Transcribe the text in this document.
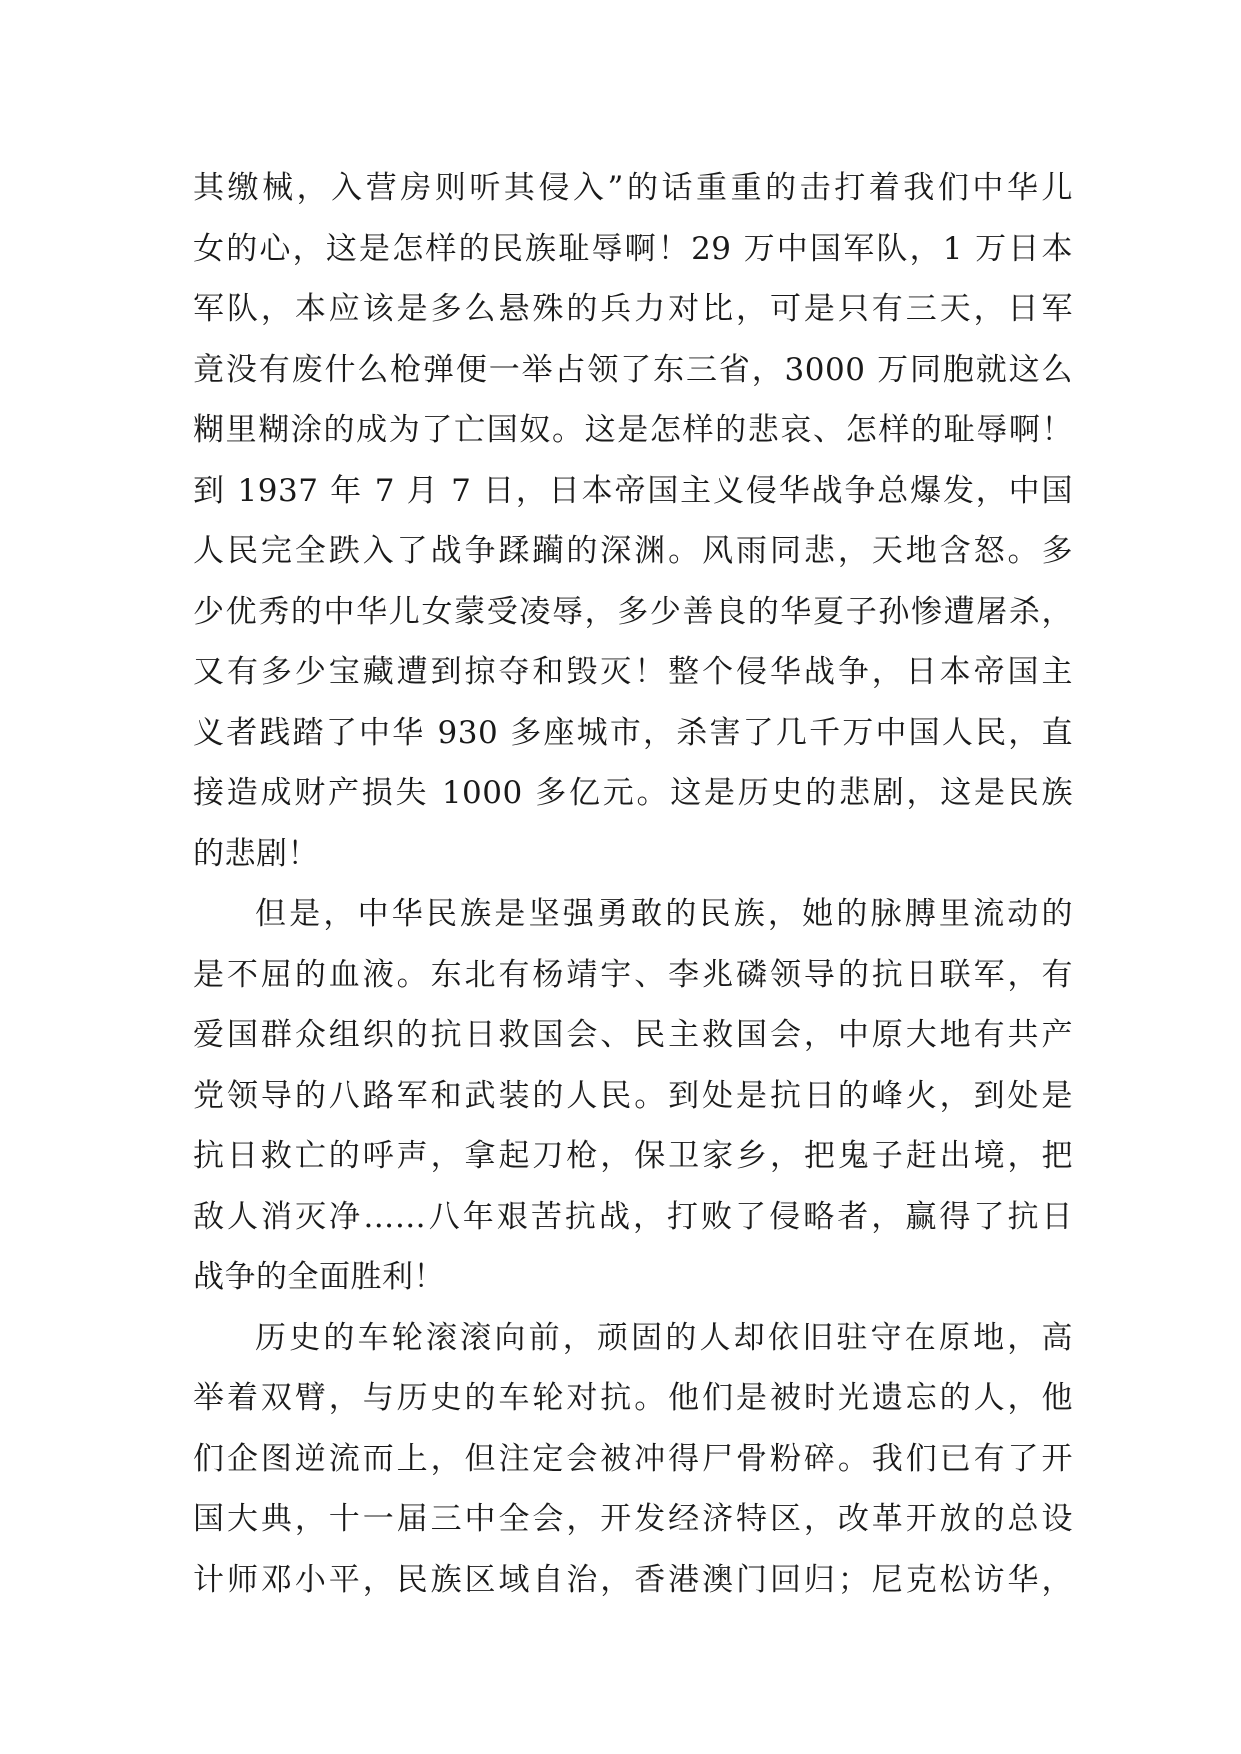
其缴械，入营房则听其侵入”的话重重的击打着我们中华儿
女的心，这是怎样的民族耻辱啊！29 万中国军队，1 万日本
军队，本应该是多么悬殊的兵力对比，可是只有三天，日军
竟没有废什么枪弹便一举占领了东三省，3000 万同胞就这么
糊里糊涂的成为了亡国奴。这是怎样的悲哀、怎样的耻辱啊！
到 1937 年 7 月 7 日，日本帝国主义侵华战争总爆发，中国
人民完全跌入了战争蹂躏的深渊。风雨同悲，天地含怒。多
少优秀的中华儿女蒙受凌辱，多少善良的华夏子孙惨遭屠杀，
又有多少宝藏遭到掠夺和毁灭！整个侵华战争，日本帝国主
义者践踏了中华 930 多座城市，杀害了几千万中国人民，直
接造成财产损失 1000 多亿元。这是历史的悲剧，这是民族
的悲剧！
但是，中华民族是坚强勇敢的民族，她的脉膊里流动的
是不屈的血液。东北有杨靖宇、李兆磷领导的抗日联军，有
爱国群众组织的抗日救国会、民主救国会，中原大地有共产
党领导的八路军和武装的人民。到处是抗日的峰火，到处是
抗日救亡的呼声，拿起刀枪，保卫家乡，把鬼子赶出境，把
敌人消灭净……八年艰苦抗战，打败了侵略者，赢得了抗日
战争的全面胜利！
历史的车轮滚滚向前，顽固的人却依旧驻守在原地，高
举着双臂，与历史的车轮对抗。他们是被时光遗忘的人，他
们企图逆流而上，但注定会被冲得尸骨粉碎。我们已有了开
国大典，十一届三中全会，开发经济特区，改革开放的总设
计师邓小平，民族区域自治，香港澳门回归；尼克松访华，
